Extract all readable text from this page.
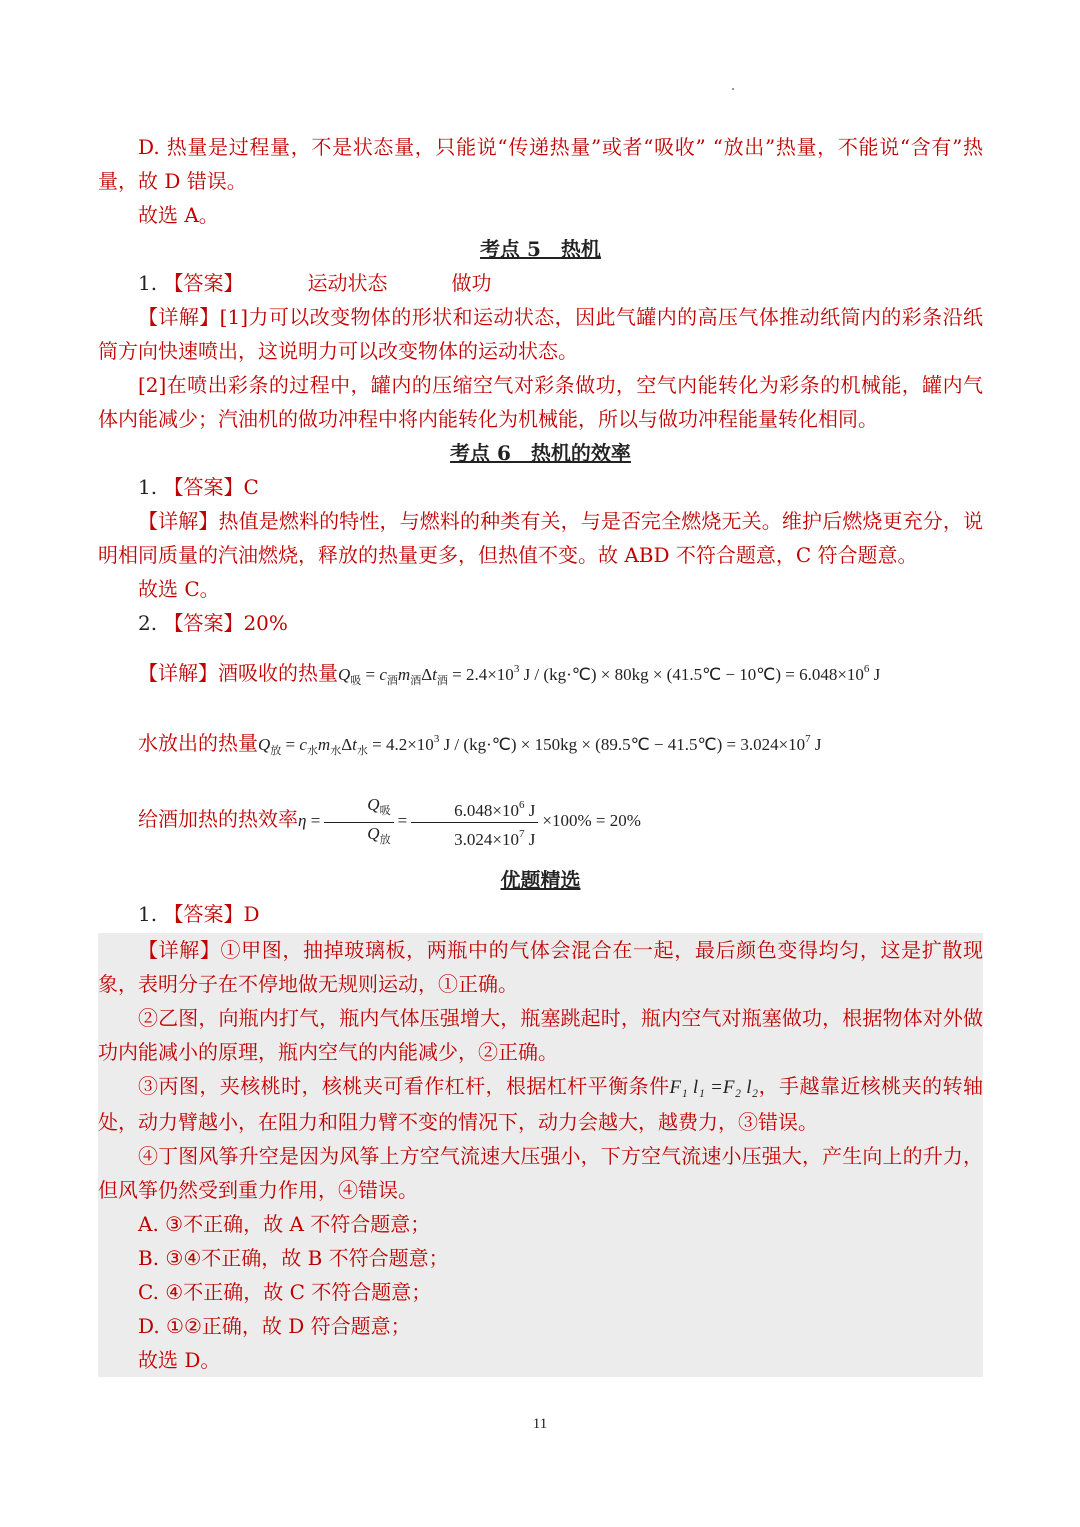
D. 热量是过程量，不是状态量，只能说“传递热量”或者“吸收” “放出”热量，不能说“含有”热量，故 D 错误。

故选 A。

考点 5　热机

1. 【答案】	运动状态	做功

【详解】[1]力可以改变物体的形状和运动状态，因此气罐内的高压气体推动纸筒内的彩条沿纸筒方向快速喷出，这说明力可以改变物体的运动状态。

[2]在喷出彩条的过程中，罐内的压缩空气对彩条做功，空气内能转化为彩条的机械能，罐内气体内能减少；汽油机的做功冲程中将内能转化为机械能，所以与做功冲程能量转化相同。

考点 6　热机的效率

1. 【答案】C

【详解】热值是燃料的特性，与燃料的种类有关，与是否完全燃烧无关。维护后燃烧更充分，说明相同质量的汽油燃烧，释放的热量更多，但热值不变。故 ABD 不符合题意，C 符合题意。

故选 C。

2. 【答案】20%

【详解】酒吸收的热量$Q_吸 = c_酒m_酒\Delta t_酒 = 2.4\times 10^3$ J / (kg·℃) × 80kg × (41.5℃ − 10℃) = $6.048\times 10^6$ J

水放出的热量$Q_放 = c_水m_水\Delta t_水 = 4.2\times 10^3$ J / (kg·℃) × 150kg × (89.5℃ − 41.5℃) = $3.024\times 10^7$ J

给酒加热的热效率$\eta = \frac{Q_吸}{Q_放} = \frac{6.048\times 10^6 J}{3.024\times 10^7 J} \times 100\% = 20\%$

优题精选

1. 【答案】D

【详解】①甲图，抽掉玻璃板，两瓶中的气体会混合在一起，最后颜色变得均匀，这是扩散现象，表明分子在不停地做无规则运动，①正确。

②乙图，向瓶内打气，瓶内气体压强增大，瓶塞跳起时，瓶内空气对瓶塞做功，根据物体对外做功内能减小的原理，瓶内空气的内能减少，②正确。

③丙图，夹核桃时，核桃夹可看作杠杆，根据杠杆平衡条件F₁ l₁ =F₂ l₂，手越靠近核桃夹的转轴处，动力臂越小，在阻力和阻力臂不变的情况下，动力会越大，越费力，③错误。

④丁图风筝升空是因为风筝上方空气流速大压强小，下方空气流速小压强大，产生向上的升力，但风筝仍然受到重力作用，④错误。

A. ③不正确，故 A 不符合题意；

B. ③④不正确，故 B 不符合题意；

C. ④不正确，故 C 不符合题意；

D. ①②正确，故 D 符合题意；

故选 D。

11
